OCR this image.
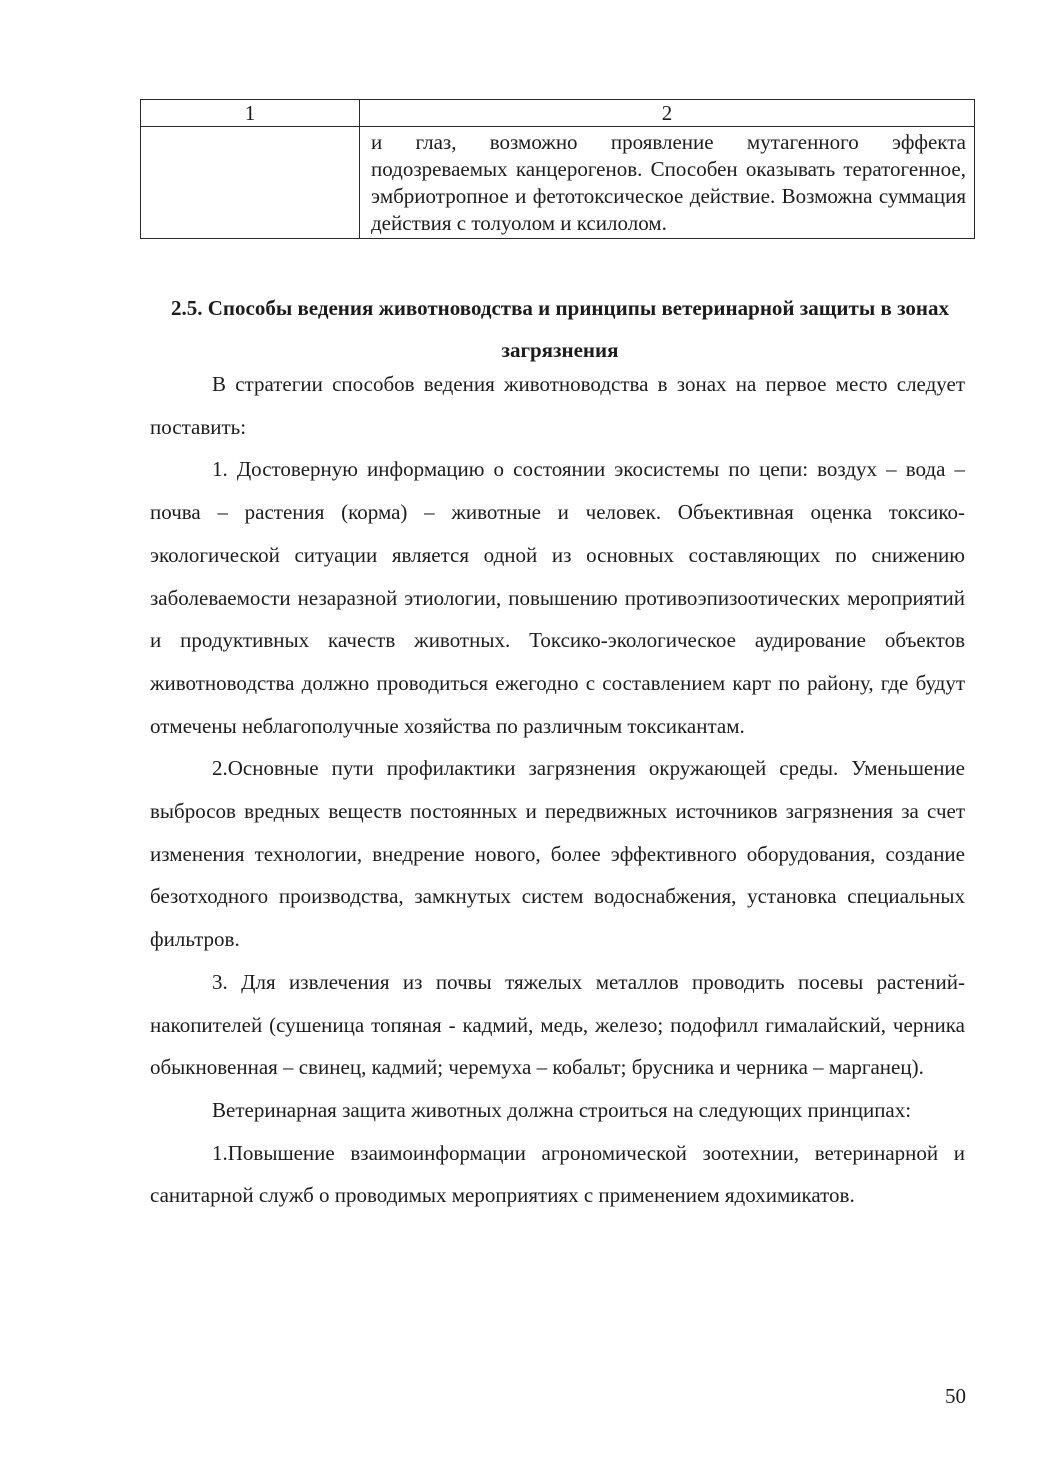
1	2
	и глаз, возможно проявление мутагенного эффекта подозреваемых канцерогенов. Способен оказывать тератогенное, эмбриотропное и фетотоксическое действие. Возможна суммация действия с толуолом и ксилолом.
2.5. Способы ведения животноводства и принципы ветеринарной защиты в зонах загрязнения

В стратегии способов ведения животноводства в зонах на первое место следует поставить:

1. Достоверную информацию о состоянии экосистемы по цепи: воздух – вода – почва – растения (корма) – животные и человек. Объективная оценка токсико-экологической ситуации является одной из основных составляющих по снижению заболеваемости незаразной этиологии, повышению противоэпизоотических мероприятий и продуктивных качеств животных. Токсико-экологическое аудирование объектов животноводства должно проводиться ежегодно с составлением карт по району, где будут отмечены неблагополучные хозяйства по различным токсикантам.

2.Основные пути профилактики загрязнения окружающей среды. Уменьшение выбросов вредных веществ постоянных и передвижных источников загрязнения за счет изменения технологии, внедрение нового, более эффективного оборудования, создание безотходного производства, замкнутых систем водоснабжения, установка специальных фильтров.

3. Для извлечения из почвы тяжелых металлов проводить посевы растений-накопителей (сушеница топяная - кадмий, медь, железо; подофилл гималайский, черника обыкновенная – свинец, кадмий; черемуха – кобальт; брусника и черника – марганец).

Ветеринарная защита животных должна строиться на следующих принципах:

1.Повышение взаимоинформации агрономической зоотехнии, ветеринарной и санитарной служб о проводимых мероприятиях с применением ядохимикатов.

50
